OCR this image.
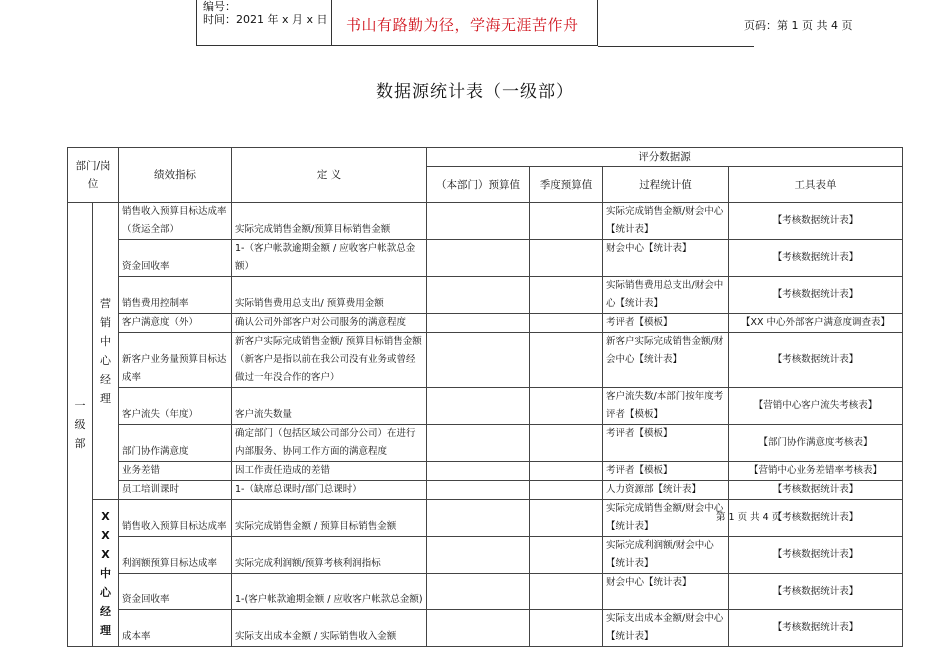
编号：
时间：2021 年 x 月 x 日 书山有路勤为径，学海无涯苦作舟	页码：第 1 页 共 4 页
数据源统计表（一级部）
部门/岗位		绩效指标	定 义	评分数据源			
				（本部门）预算值	季度预算值	过程统计值	工具表单
一级部	营销中心经理	销售收入预算目标达成率（货运全部）	实际完成销售金额/预算目标销售金额			实际完成销售金额/财会中心【统计表】	【考核数据统计表】
		资金回收率	1-（客户帐款逾期金额 / 应收客户帐款总金额）			财会中心【统计表】	【考核数据统计表】
		销售费用控制率	实际销售费用总支出/ 预算费用金额			实际销售费用总支出/财会中心【统计表】	【考核数据统计表】
		客户满意度（外）	确认公司外部客户对公司服务的满意程度			考评者【模板】	【XX 中心外部客户满意度调查表】
		新客户业务量预算目标达成率	新客户实际完成销售金额/ 预算目标销售金额（新客户是指以前在我公司没有业务或曾经做过一年没合作的客户）			新客户实际完成销售金额/财会中心【统计表】	【考核数据统计表】
		客户流失（年度）	客户流失数量			客户流失数/本部门按年度考评者【模板】	【营销中心客户流失考核表】
		部门协作满意度	确定部门（包括区域公司部分公司）在进行内部服务、协同工作方面的满意程度			考评者【模板】	【部门协作满意度考核表】
		业务差错	因工作责任造成的差错			考评者【模板】	【营销中心业务差错率考核表】
		员工培训课时	1-（缺席总课时/部门总课时）			人力资源部【统计表】	【考核数据统计表】
	XXX中心经理	销售收入预算目标达成率	实际完成销售金额 / 预算目标销售金额			实际完成销售金额/财会中心【统计表】	【考核数据统计表】
		利润额预算目标达成率	实际完成利润额/预算考核利润指标			实际完成利润额/财会中心【统计表】	【考核数据统计表】
		资金回收率	1-(客户帐款逾期金额 / 应收客户帐款总金额)			财会中心【统计表】	【考核数据统计表】
		成本率	实际支出成本金额 / 实际销售收入金额			实际支出成本金额/财会中心【统计表】	【考核数据统计表】
第 1 页 共 4 页
